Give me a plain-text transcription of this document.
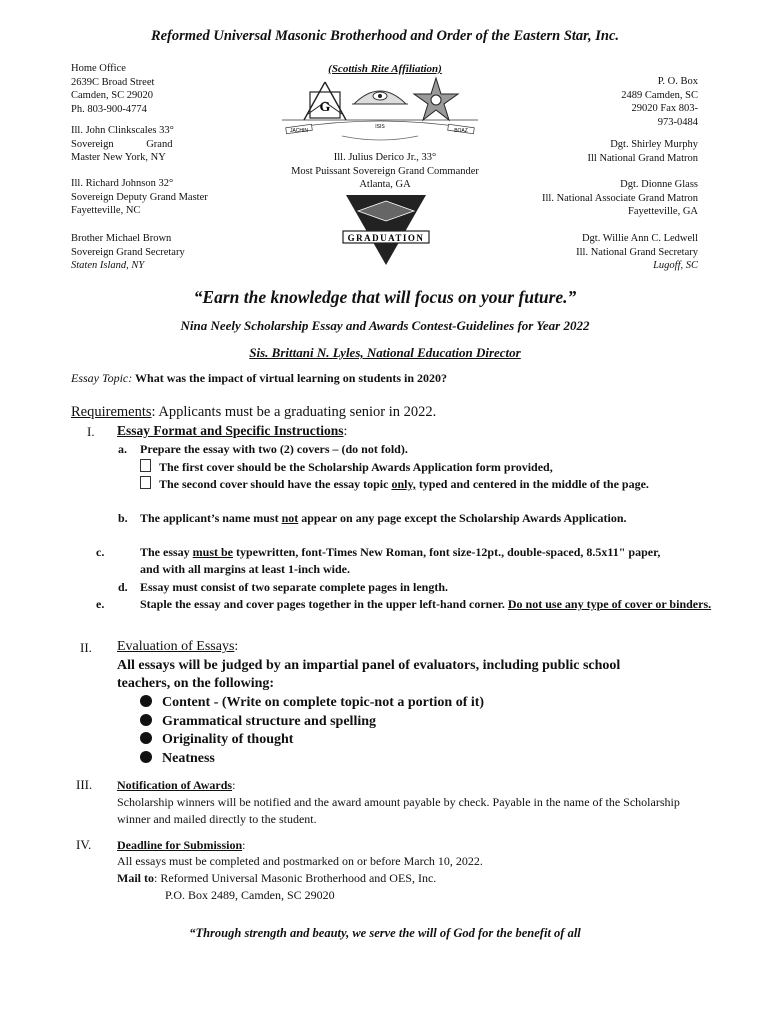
Reformed Universal Masonic Brotherhood and Order of the Eastern Star, Inc.
(Scottish Rite Affiliation)
Home Office
2639C Broad Street
Camden, SC 29020
Ph. 803-900-4774
Ill. John Clinkscales 33°
Sovereign Grand
Master New York, NY
Ill. Richard Johnson 32°
Sovereign Deputy Grand Master
Fayetteville, NC
Brother Michael Brown
Sovereign Grand Secretary
Staten Island, NY
Ill. Julius Derico Jr., 33°
Most Puissant Sovereign Grand Commander
Atlanta, GA
P. O. Box
2489 Camden, SC
29020 Fax 803-
973-0484
Dgt. Shirley Murphy
Ill National Grand Matron
Dgt. Dionne Glass
Ill. National Associate Grand Matron
Fayetteville, GA
Dgt. Willie Ann C. Ledwell
Ill. National Grand Secretary
Lugoff, SC
G
JACHIN	BOAZ
ISIS
GRADUATION
“Earn the knowledge that will focus on your future.”
Nina Neely Scholarship Essay and Awards Contest-Guidelines for Year 2022
Sis. Brittani N. Lyles, National Education Director
Essay Topic: What was the impact of virtual learning on students in 2020?
Requirements: Applicants must be a graduating senior in 2022.
I.	Essay Format and Specific Instructions:
a. Prepare the essay with two (2) covers – (do not fold).
The first cover should be the Scholarship Awards Application form provided,
The second cover should have the essay topic only, typed and centered in the middle of the page.
b. The applicant’s name must not appear on any page except the Scholarship Awards Application.
c.	The essay must be typewritten, font-Times New Roman, font size-12pt., double-spaced, 8.5x11" paper, and with all margins at least 1-inch wide.
d. Essay must consist of two separate complete pages in length.
e.	Staple the essay and cover pages together in the upper left-hand corner. Do not use any type of cover or binders.
II.	Evaluation of Essays:
All essays will be judged by an impartial panel of evaluators, including public school teachers, on the following:
Content - (Write on complete topic-not a portion of it)
Grammatical structure and spelling
Originality of thought
Neatness
III.	Notification of Awards:
Scholarship winners will be notified and the award amount payable by check. Payable in the name of the Scholarship winner and mailed directly to the student.
IV.	Deadline for Submission:
All essays must be completed and postmarked on or before March 10, 2022.
Mail to: Reformed Universal Masonic Brotherhood and OES, Inc.
P.O. Box 2489, Camden, SC 29020
“Through strength and beauty, we serve the will of God for the benefit of all
